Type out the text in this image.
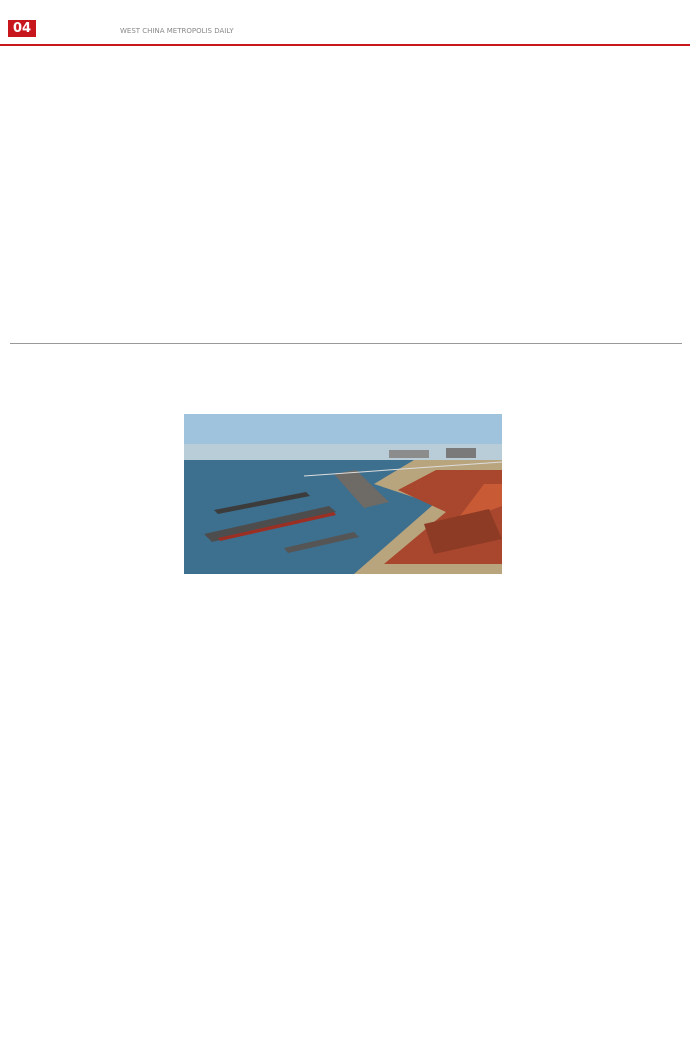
04	WEST CHINA METROPOLIS DAILY
